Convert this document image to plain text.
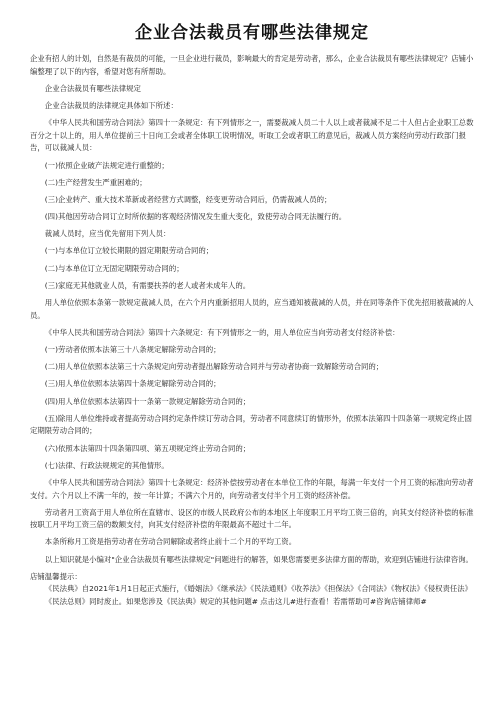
企业合法裁员有哪些法律规定

企业有招人的计划，自然是有裁员的可能，一旦企业进行裁员，影响最大的肯定是劳动者，那么，企业合法裁员有哪些法律规定？店铺小编整理了以下的内容，希望对您有所帮助。

企业合法裁员有哪些法律规定

企业合法裁员的法律规定具体如下所述：

《中华人民共和国劳动合同法》第四十一条规定：有下列情形之一，需要裁减人员二十人以上或者裁减不足二十人但占企业职工总数百分之十以上的，用人单位提前三十日向工会或者全体职工说明情况，听取工会或者职工的意见后，裁减人员方案经向劳动行政部门报告，可以裁减人员：

(一)依照企业破产法规定进行重整的；

(二)生产经营发生严重困难的；

(三)企业转产、重大技术革新或者经营方式调整，经变更劳动合同后，仍需裁减人员的；

(四)其他因劳动合同订立时所依据的客观经济情况发生重大变化，致使劳动合同无法履行的。

裁减人员时，应当优先留用下列人员：

(一)与本单位订立较长期限的固定期限劳动合同的；

(二)与本单位订立无固定期限劳动合同的；

(三)家庭无其他就业人员，有需要扶养的老人或者未成年人的。

用人单位依照本条第一款规定裁减人员，在六个月内重新招用人员的，应当通知被裁减的人员，并在同等条件下优先招用被裁减的人员。

《中华人民共和国劳动合同法》第四十六条规定：有下列情形之一的，用人单位应当向劳动者支付经济补偿：

(一)劳动者依照本法第三十八条规定解除劳动合同的；

(二)用人单位依照本法第三十六条规定向劳动者提出解除劳动合同并与劳动者协商一致解除劳动合同的；

(三)用人单位依照本法第四十条规定解除劳动合同的；

(四)用人单位依照本法第四十一条第一款规定解除劳动合同的；

(五)除用人单位维持或者提高劳动合同约定条件续订劳动合同，劳动者不同意续订的情形外，依照本法第四十四条第一项规定终止固定期限劳动合同的；

(六)依照本法第四十四条第四项、第五项规定终止劳动合同的；

(七)法律、行政法规规定的其他情形。

《中华人民共和国劳动合同法》第四十七条规定：经济补偿按劳动者在本单位工作的年限，每满一年支付一个月工资的标准向劳动者支付。六个月以上不满一年的，按一年计算；不满六个月的，向劳动者支付半个月工资的经济补偿。

劳动者月工资高于用人单位所在直辖市、设区的市级人民政府公布的本地区上年度职工月平均工资三倍的，向其支付经济补偿的标准按职工月平均工资三倍的数额支付，向其支付经济补偿的年限最高不超过十二年。

本条所称月工资是指劳动者在劳动合同解除或者终止前十二个月的平均工资。

以上知识就是小编对"企业合法裁员有哪些法律规定"问题进行的解答，如果您需要更多法律方面的帮助，欢迎到店铺进行法律咨询。

店铺温馨提示：

《民法典》自2021年1月1日起正式施行，《婚姻法》《继承法》《民法通则》《收养法》《担保法》《合同法》《物权法》《侵权责任法》《民法总则》同时废止。如果您涉及《民法典》规定的其他问题# 点击这儿#进行查看！若需帮助可#咨询店铺律师#
